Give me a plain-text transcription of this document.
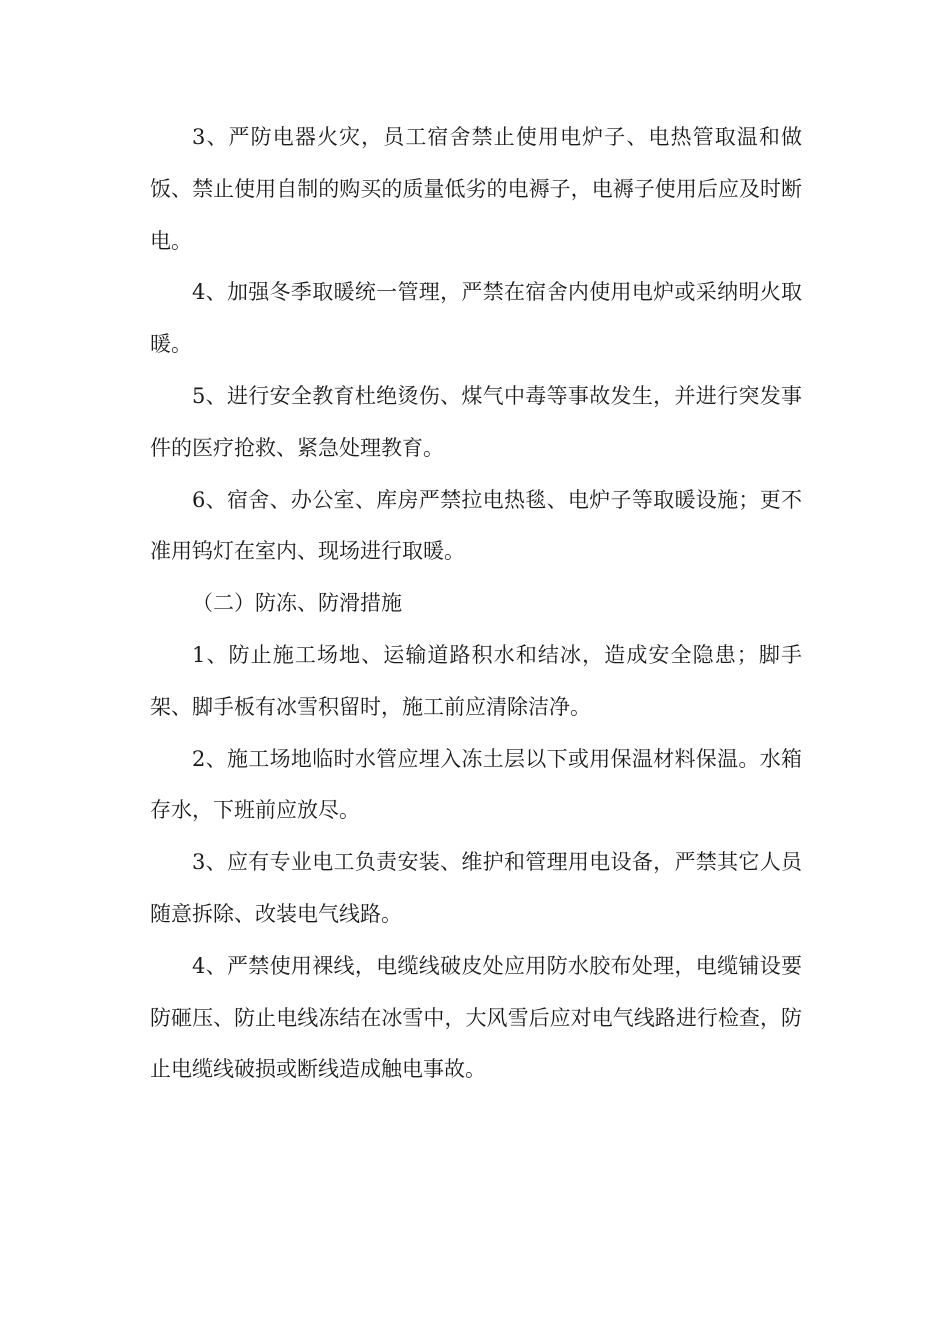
3、严防电器火灾，员工宿舍禁止使用电炉子、电热管取温和做饭、禁止使用自制的购买的质量低劣的电褥子，电褥子使用后应及时断电。

4、加强冬季取暖统一管理，严禁在宿舍内使用电炉或采纳明火取暖。

5、进行安全教育杜绝烫伤、煤气中毒等事故发生，并进行突发事件的医疗抢救、紧急处理教育。

6、宿舍、办公室、库房严禁拉电热毯、电炉子等取暖设施；更不准用钨灯在室内、现场进行取暖。

（二）防冻、防滑措施

1、防止施工场地、运输道路积水和结冰，造成安全隐患；脚手架、脚手板有冰雪积留时，施工前应清除洁净。

2、施工场地临时水管应埋入冻土层以下或用保温材料保温。水箱存水，下班前应放尽。

3、应有专业电工负责安装、维护和管理用电设备，严禁其它人员随意拆除、改装电气线路。

4、严禁使用裸线，电缆线破皮处应用防水胶布处理，电缆铺设要防砸压、防止电线冻结在冰雪中，大风雪后应对电气线路进行检查，防止电缆线破损或断线造成触电事故。
